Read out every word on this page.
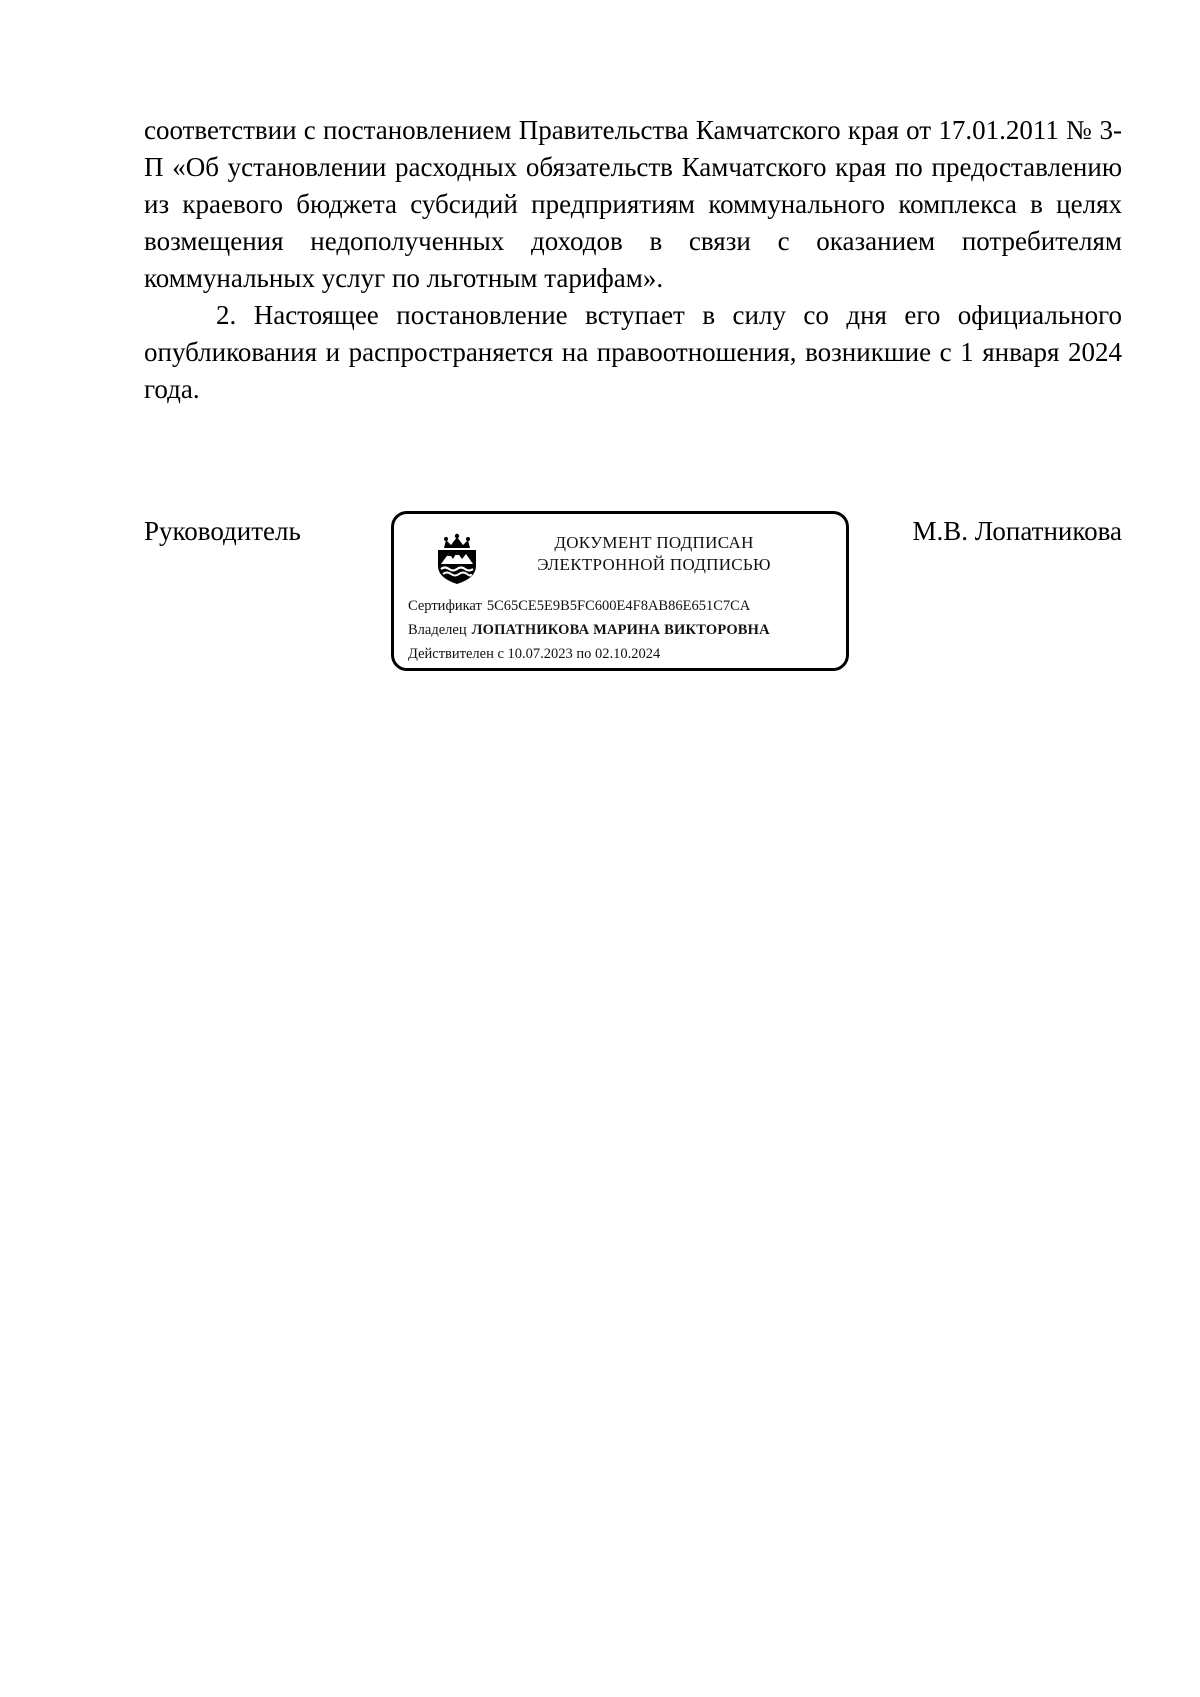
соответствии с постановлением Правительства Камчатского края от 17.01.2011 № 3-П «Об установлении расходных обязательств Камчатского края по предоставлению из краевого бюджета субсидий предприятиям коммунального комплекса в целях возмещения недополученных доходов в связи с оказанием потребителям коммунальных услуг по льготным тарифам».

2. Настоящее постановление вступает в силу со дня его официального опубликования и распространяется на правоотношения, возникшие с 1 января 2024 года.

Руководитель	ДОКУМЕНТ ПОДПИСАН
ЭЛЕКТРОННОЙ ПОДПИСЬЮ
Сертификат 5C65CE5E9B5FC600E4F8AB86E651C7CA
Владелец ЛОПАТНИКОВА МАРИНА ВИКТОРОВНА
Действителен с 10.07.2023 по 02.10.2024
М.В. Лопатникова
